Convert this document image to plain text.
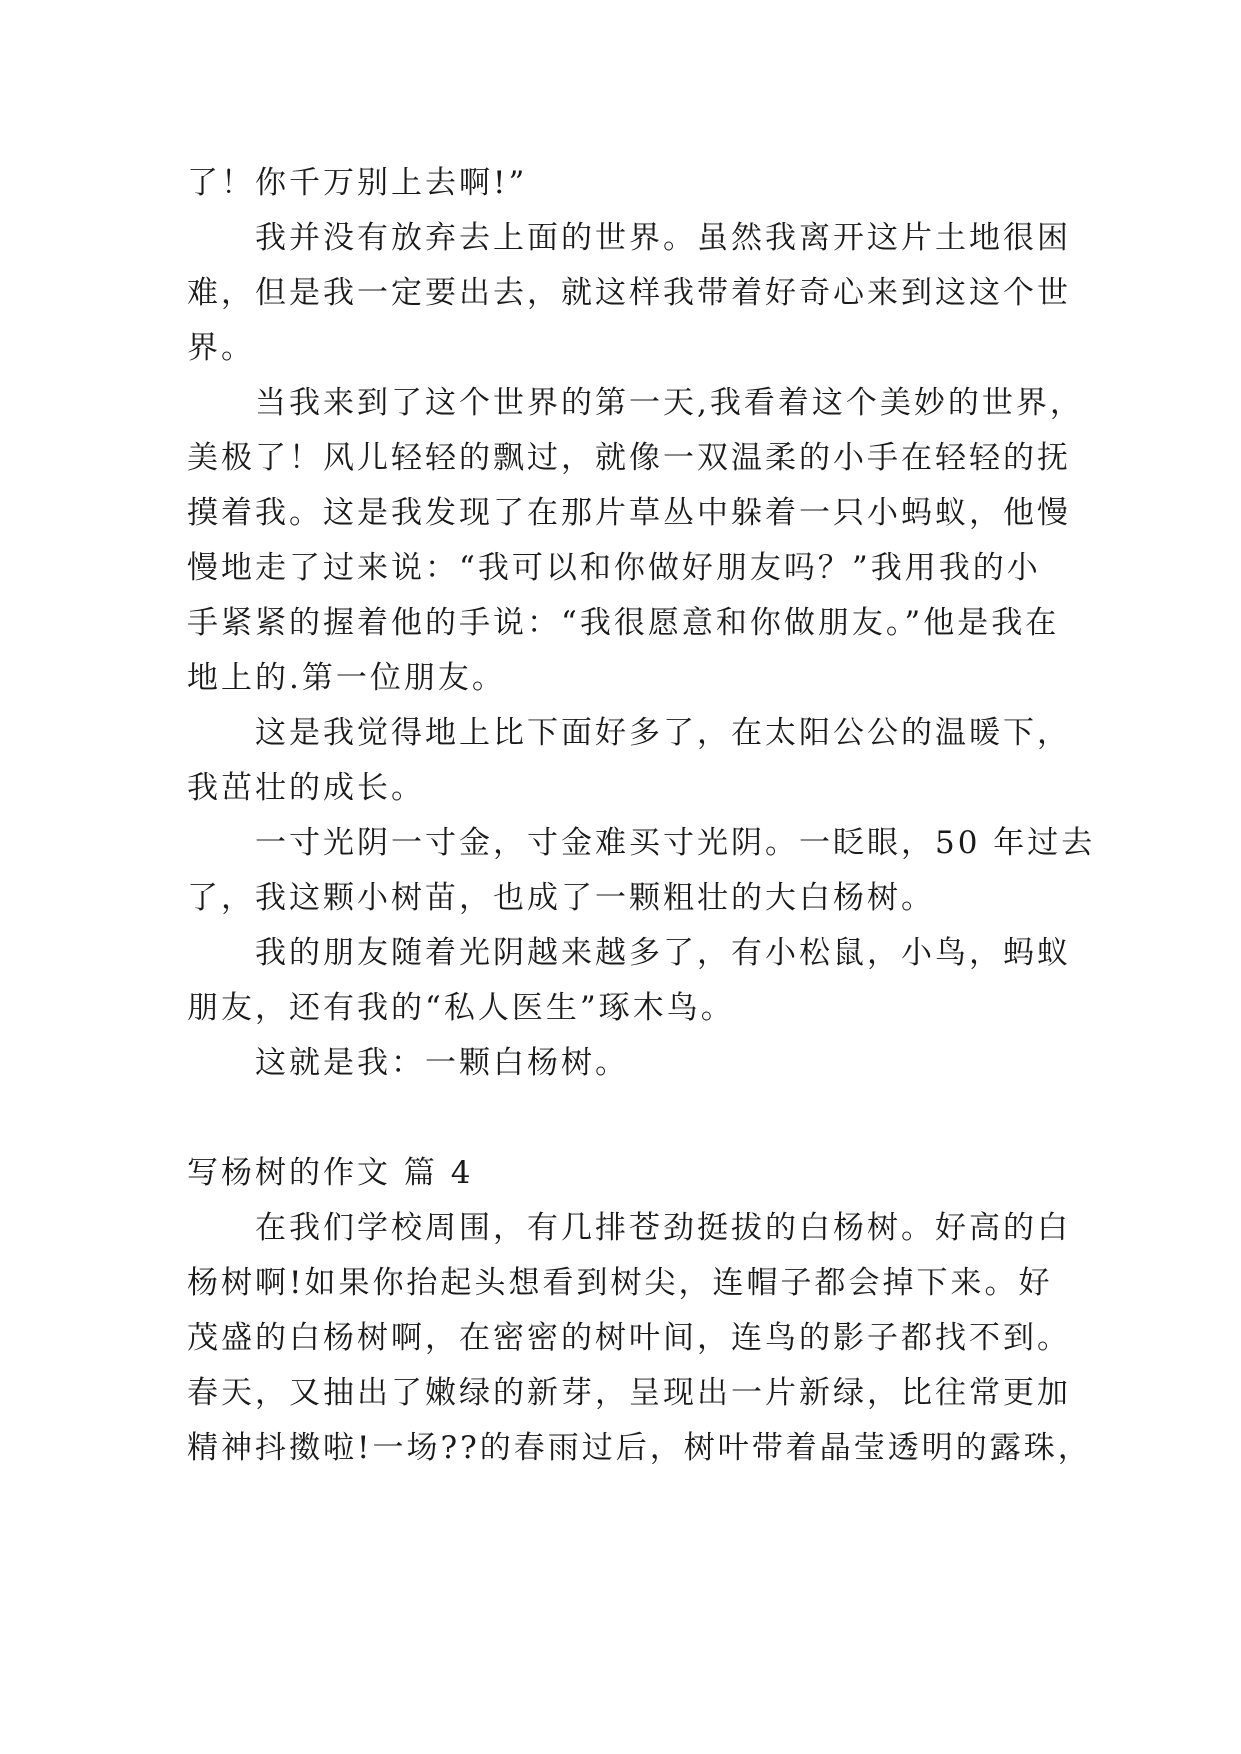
了！你千万别上去啊!”
我并没有放弃去上面的世界。虽然我离开这片土地很困
难，但是我一定要出去，就这样我带着好奇心来到这这个世
界。
当我来到了这个世界的第一天,我看着这个美妙的世界，
美极了！风儿轻轻的飘过，就像一双温柔的小手在轻轻的抚
摸着我。这是我发现了在那片草丛中躲着一只小蚂蚁，他慢
慢地走了过来说：“我可以和你做好朋友吗？”我用我的小
手紧紧的握着他的手说：“我很愿意和你做朋友。”他是我在
地上的.第一位朋友。
这是我觉得地上比下面好多了，在太阳公公的温暖下，
我茁壮的成长。
一寸光阴一寸金，寸金难买寸光阴。一眨眼，50 年过去
了，我这颗小树苗，也成了一颗粗壮的大白杨树。
我的朋友随着光阴越来越多了，有小松鼠，小鸟，蚂蚁
朋友，还有我的“私人医生”琢木鸟。
这就是我：一颗白杨树。
写杨树的作文 篇 4
在我们学校周围，有几排苍劲挺拔的白杨树。好高的白
杨树啊!如果你抬起头想看到树尖，连帽子都会掉下来。好
茂盛的白杨树啊，在密密的树叶间，连鸟的影子都找不到。
春天，又抽出了嫩绿的新芽，呈现出一片新绿，比往常更加
精神抖擞啦!一场??的春雨过后，树叶带着晶莹透明的露珠，
